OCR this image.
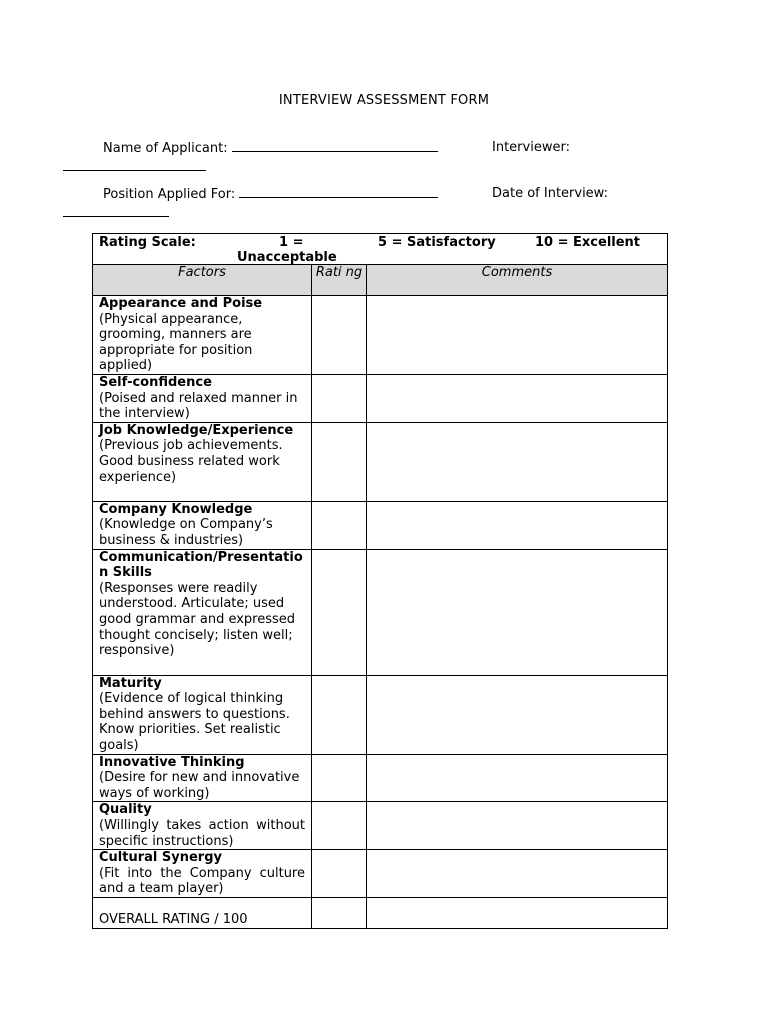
INTERVIEW ASSESSMENT FORM
Name of Applicant:	Interviewer:
Position Applied For:	Date of Interview:
Rating Scale: 1 =
Unacceptable
5 = Satisfactory 10 = Excellent		

Factors	Rati ng	Comments

Appearance and Poise
(Physical appearance, grooming, manners are appropriate for position applied)		

Self-confidence
(Poised and relaxed manner in the interview)		

Job Knowledge/Experience
(Previous job achievements. Good business related work experience)		

Company Knowledge
(Knowledge on Company’s business & industries)		

Communication/Presentation Skills
(Responses were readily understood. Articulate; used good grammar and expressed thought concisely; listen well; responsive)		

Maturity
(Evidence of logical thinking behind answers to questions. Know priorities. Set realistic goals)		

Innovative Thinking
(Desire for new and innovative ways of working)		

Quality
(Willingly takes action without specific instructions)		

Cultural Synergy
(Fit into the Company culture and a team player)		

OVERALL RATING / 100		
